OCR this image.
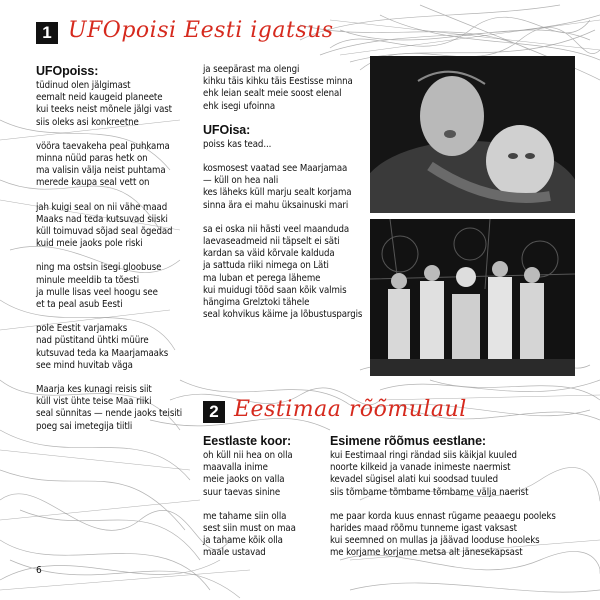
1 UFOpoisi Eesti igatsus
UFOpoiss:
tüdinud olen jälgimast
eemalt neid kaugeid planeete
kui teeks neist mõnele jälgi vast
siis oleks asi konkreetne
vööra taevakeha peal puhkama
minna nüüd paras hetk on
ma valisin välja neist puhtama
merede kaupa seal vett on
jah kuigi seal on nii vähe maad
Maaks nad teda kutsuvad siiski
küll toimuvad sõjad seal õgedad
kuid meie jaoks pole riski
ning ma ostsin isegi gloobuse
minule meeldib ta tõesti
ja mulle lisas veel hoogu see
et ta peal asub Eesti
pole Eestit varjamaks
nad püstitand ühtki müüre
kutsuvad teda ka Maarjamaaks
see mind huvitab väga
Maarja kes kunagi reisis siit
küll vist ühte teise Maa riiki
seal sünnitas — nende jaoks teisiti
poeg sai imetegija tiitli
ja seepärast ma olengi
kihku täis kihku täis Eestisse minna
ehk leian sealt meie soost elenal
ehk isegi ufoinna
UFOisa:
poiss kas tead...
kosmosest vaatad see Maarjamaa
— küll on hea nali
kes läheks küll marju sealt korjama
sinna ära ei mahu üksainuski mari
sa ei oska nii hästi veel maanduda
laevaseadmeid nii täpselt ei säti
kardan sa väid kõrvale kalduda
ja sattuda riiki nimega on Läti
ma luban et perega läheme
kui muidugi tööd saan kõik valmis
hängima Grelztoki tähele
seal kohvikus käime ja lõbustuspargis
2 Eestimaa rõõmulaul
Eestlaste koor:
oh küll nii hea on olla
maavalla inime
meie jaoks on valla
suur taevas sinine
me tahame siin olla
sest siin must on maa
ja tahame kõik olla
maale ustavad
Esimene rõõmus eestlane:
kui Eestimaal ringi rändad siis käikjal kuuled
noorte kilkeid ja vanade inimeste naermist
kevadel sügisel alati kui soodsad tuuled
siis tõmbame tõmbame tõmbame välja naerist
me paar korda kuus ennast rügame peaaegu pooleks
harides maad rõõmu tunneme igast vaksast
kui seemned on mullas ja jäävad looduse hooleks
me korjame korjame metsa alt jänesekapsast
6
